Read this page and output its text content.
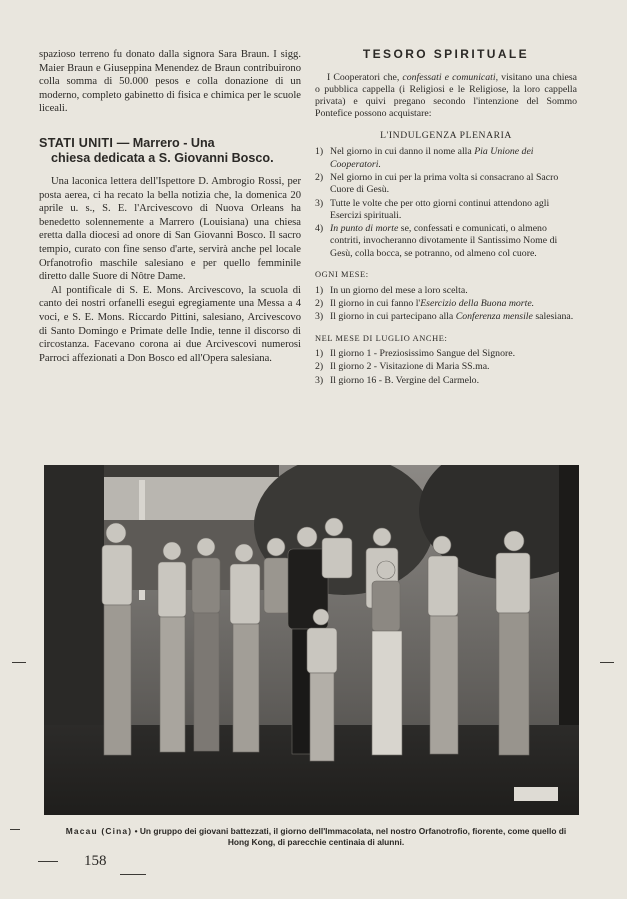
spazioso terreno fu donato dalla signora Sara Braun. I sigg. Maier Braun e Giuseppina Menendez de Braun contribuirono colla somma di 50.000 pesos e colla donazione di un moderno, completo gabinetto di fisica e chimica per le scuole liceali.
STATI UNITI — Marrero - Una
chiesa dedicata a S. Giovanni Bosco.

Una laconica lettera dell'Ispettore D. Ambrogio Rossi, per posta aerea, ci ha recato la bella notizia che, la domenica 20 aprile u. s., S. E. l'Arcivescovo di Nuova Orleans ha benedetto solennemente a Marrero (Louisiana) una chiesa eretta dalla diocesi ad onore di San Giovanni Bosco. Il sacro tempio, curato con fine senso d'arte, servirà anche pel locale Orfanotrofio maschile salesiano e per quello femminile diretto dalle Suore di Nôtre Dame.

Al pontificale di S. E. Mons. Arcivescovo, la scuola di canto dei nostri orfanelli eseguì egregiamente una Messa a 4 voci, e S. E. Mons. Riccardo Pittini, salesiano, Arcivescovo di Santo Domingo e Primate delle Indie, tenne il discorso di circostanza. Facevano corona ai due Arcivescovi numerosi Parroci affezionati a Don Bosco ed all'Opera salesiana.

TESORO SPIRITUALE

I Cooperatori che, confessati e comunicati, visitano una chiesa o pubblica cappella (i Religiosi e le Religiose, la loro cappella privata) e quivi pregano secondo l'intenzione del Sommo Pontefice possono acquistare:

L'INDULGENZA PLENARIA
1) Nel giorno in cui danno il nome alla Pia Unione dei Cooperatori.
2) Nel giorno in cui per la prima volta si consacrano al Sacro Cuore di Gesù.
3) Tutte le volte che per otto giorni continui attendono agli Esercizi spirituali.
4) In punto di morte se, confessati e comunicati, o almeno contriti, invocheranno divotamente il Santissimo Nome di Gesù, colla bocca, se potranno, od almeno col cuore.
OGNI MESE:
1) In un giorno del mese a loro scelta.
2) Il giorno in cui fanno l'Esercizio della Buona morte.
3) Il giorno in cui partecipano alla Conferenza mensile salesiana.
NEL MESE DI LUGLIO ANCHE:
1) Il giorno 1 - Preziosissimo Sangue del Signore.
2) Il giorno 2 - Visitazione di Maria SS.ma.
3) Il giorno 16 - B. Vergine del Carmelo.
Macau (Cina) • Un gruppo dei giovani battezzati, il giorno dell'Immacolata, nel nostro Orfanotrofio, fiorente, come quello di Hong Kong, di parecchie centinaia di alunni.
158
